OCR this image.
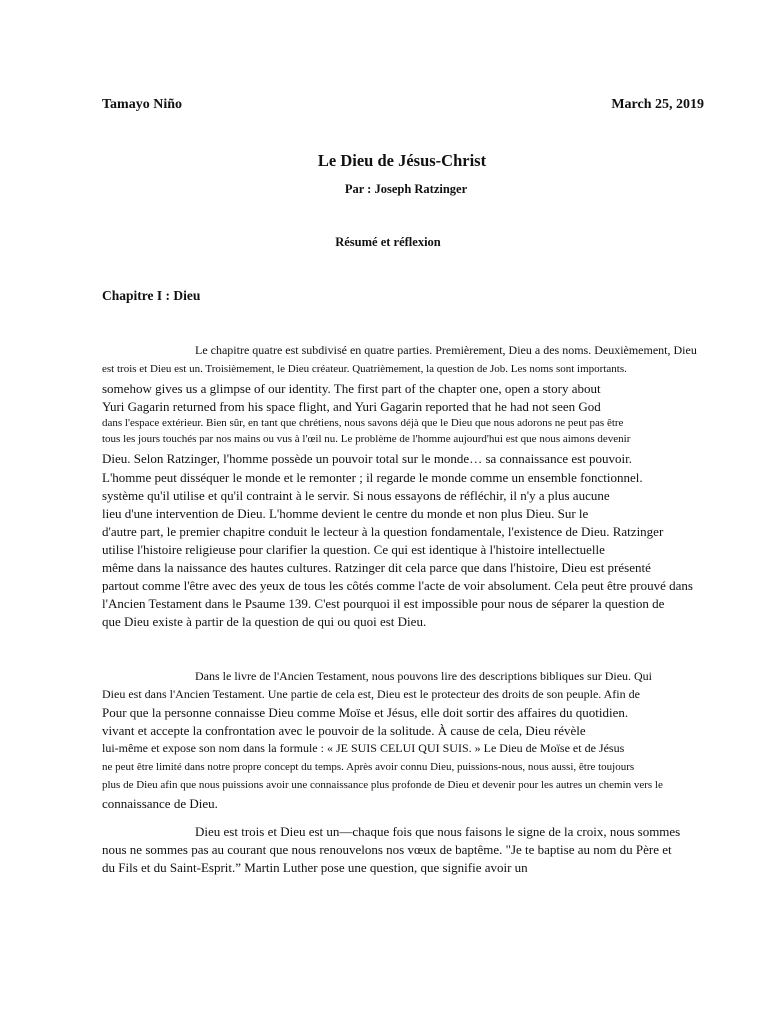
Tamayo Niño	March 25, 2019
Le Dieu de Jésus-Christ
Par : Joseph Ratzinger
Résumé et réflexion
Chapitre I : Dieu
Le chapitre quatre est subdivisé en quatre parties. Premièrement, Dieu a des noms. Deuxièmement, Dieu
est trois et Dieu est un. Troisièmement, le Dieu créateur. Quatrièmement, la question de Job. Les noms sont importants.
somehow gives us a glimpse of our identity. The first part of the chapter one, open a story about
Yuri Gagarin returned from his space flight, and Yuri Gagarin reported that he had not seen God
dans l'espace extérieur. Bien sûr, en tant que chrétiens, nous savons déjà que le Dieu que nous adorons ne peut pas être
tous les jours touchés par nos mains ou vus à l'œil nu. Le problème de l'homme aujourd'hui est que nous aimons devenir
Dieu. Selon Ratzinger, l'homme possède un pouvoir total sur le monde… sa connaissance est pouvoir.
L'homme peut disséquer le monde et le remonter ; il regarde le monde comme un ensemble fonctionnel.
système qu'il utilise et qu'il contraint à le servir. Si nous essayons de réfléchir, il n'y a plus aucune
lieu d'une intervention de Dieu. L'homme devient le centre du monde et non plus Dieu. Sur le
d'autre part, le premier chapitre conduit le lecteur à la question fondamentale, l'existence de Dieu. Ratzinger
utilise l'histoire religieuse pour clarifier la question. Ce qui est identique à l'histoire intellectuelle
même dans la naissance des hautes cultures. Ratzinger dit cela parce que dans l'histoire, Dieu est présenté
partout comme l'être avec des yeux de tous les côtés comme l'acte de voir absolument. Cela peut être prouvé dans
l'Ancien Testament dans le Psaume 139. C'est pourquoi il est impossible pour nous de séparer la question de
que Dieu existe à partir de la question de qui ou quoi est Dieu.
Dans le livre de l'Ancien Testament, nous pouvons lire des descriptions bibliques sur Dieu. Qui
Dieu est dans l'Ancien Testament. Une partie de cela est, Dieu est le protecteur des droits de son peuple. Afin de
Pour que la personne connaisse Dieu comme Moïse et Jésus, elle doit sortir des affaires du quotidien.
vivant et accepte la confrontation avec le pouvoir de la solitude. À cause de cela, Dieu révèle
lui-même et expose son nom dans la formule : « JE SUIS CELUI QUI SUIS. » Le Dieu de Moïse et de Jésus
ne peut être limité dans notre propre concept du temps. Après avoir connu Dieu, puissions-nous, nous aussi, être toujours
plus de Dieu afin que nous puissions avoir une connaissance plus profonde de Dieu et devenir pour les autres un chemin vers le
connaissance de Dieu.
Dieu est trois et Dieu est un—chaque fois que nous faisons le signe de la croix, nous sommes
nous ne sommes pas au courant que nous renouvelons nos vœux de baptême. "Je te baptise au nom du Père et
du Fils et du Saint-Esprit.” Martin Luther pose une question, que signifie avoir un
